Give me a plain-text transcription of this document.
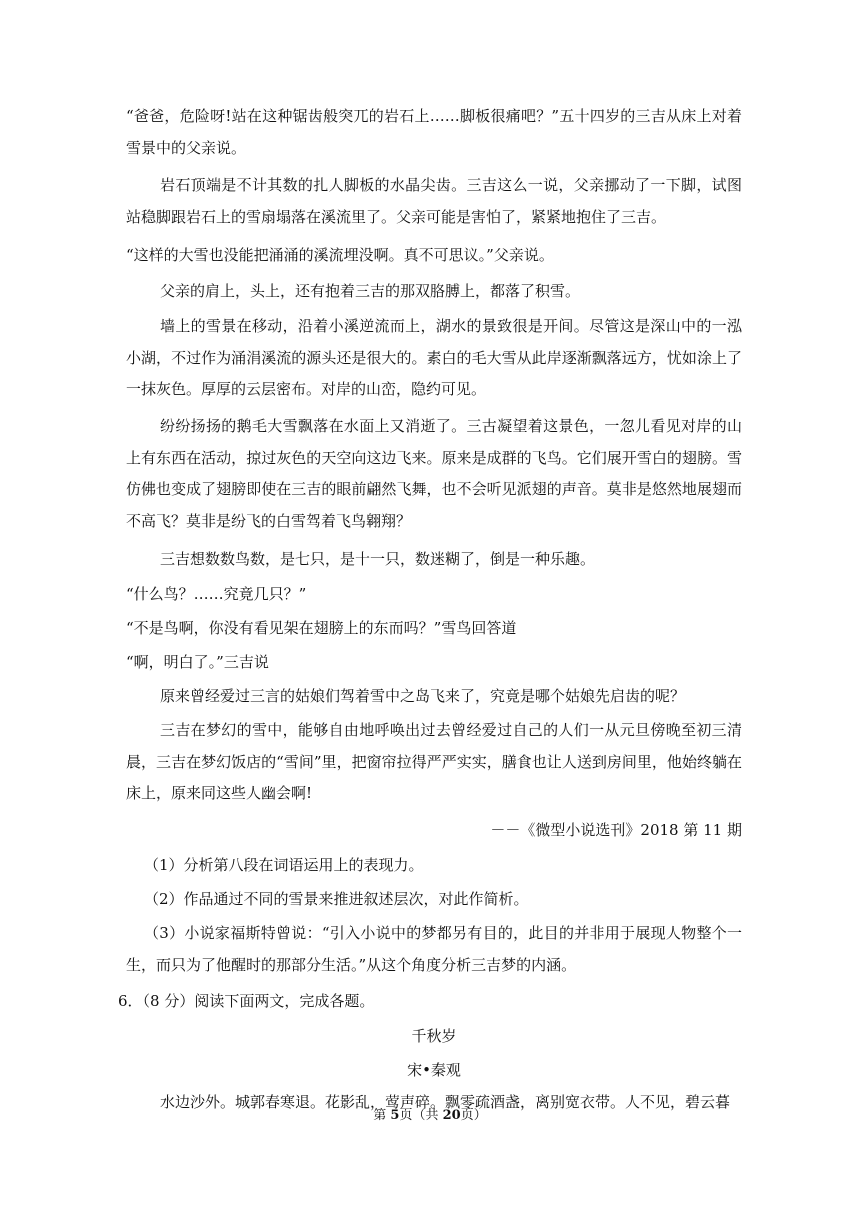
“爸爸，危险呀!站在这种锯齿般突兀的岩石上……脚板很痛吧？”五十四岁的三吉从床上对着雪景中的父亲说。
岩石顶端是不计其数的扎人脚板的水晶尖齿。三吉这么一说，父亲挪动了一下脚，试图站稳脚跟岩石上的雪扇塌落在溪流里了。父亲可能是害怕了，紧紧地抱住了三吉。
“这样的大雪也没能把涌涌的溪流埋没啊。真不可思议。”父亲说。
父亲的肩上，头上，还有抱着三吉的那双胳膊上，都落了积雪。
墙上的雪景在移动，沿着小溪逆流而上，湖水的景致很是开间。尽管这是深山中的一泓小湖，不过作为涌涓溪流的源头还是很大的。素白的毛大雪从此岸逐渐飘落远方，忧如涂上了一抹灰色。厚厚的云层密布。对岸的山峦，隐约可见。
纷纷扬扬的鹅毛大雪飘落在水面上又消逝了。三古凝望着这景色，一忽儿看见对岸的山上有东西在活动，掠过灰色的天空向这边飞来。原来是成群的飞鸟。它们展开雪白的翅膀。雪仿佛也变成了翅膀即使在三吉的眼前翩然飞舞，也不会听见派翅的声音。莫非是悠然地展翅而不高飞？莫非是纷飞的白雪驾着飞鸟翱翔？
三吉想数数鸟数，是七只，是十一只，数迷糊了，倒是一种乐趣。
“什么鸟？……究竟几只？”
“不是鸟啊，你没有看见架在翅膀上的东而吗？”雪鸟回答道
“啊，明白了。”三吉说
原来曾经爱过三言的姑娘们驾着雪中之岛飞来了，究竟是哪个姑娘先启齿的呢？
三吉在梦幻的雪中，能够自由地呼唤出过去曾经爱过自己的人们一从元旦傍晚至初三清晨，三吉在梦幻饭店的“雪间”里，把窗帘拉得严严实实，膳食也让人送到房间里，他始终躺在床上，原来同这些人幽会啊!
－－《微型小说选刊》2018 第 11 期
（1）分析第八段在词语运用上的表现力。
（2）作品通过不同的雪景来推进叙述层次，对此作简析。
（3）小说家福斯特曾说：“引入小说中的梦都另有目的，此目的并非用于展现人物整个一生，而只为了他醒时的那部分生活。”从这个角度分析三吉梦的内涵。
6．（8 分）阅读下面两文，完成各题。
千秋岁
宋•秦观
水边沙外。城郭春寒退。花影乱，莺声碎。飘零疏酒盏，离别宽衣带。人不见，碧云暮
第 5页（共 20页）
